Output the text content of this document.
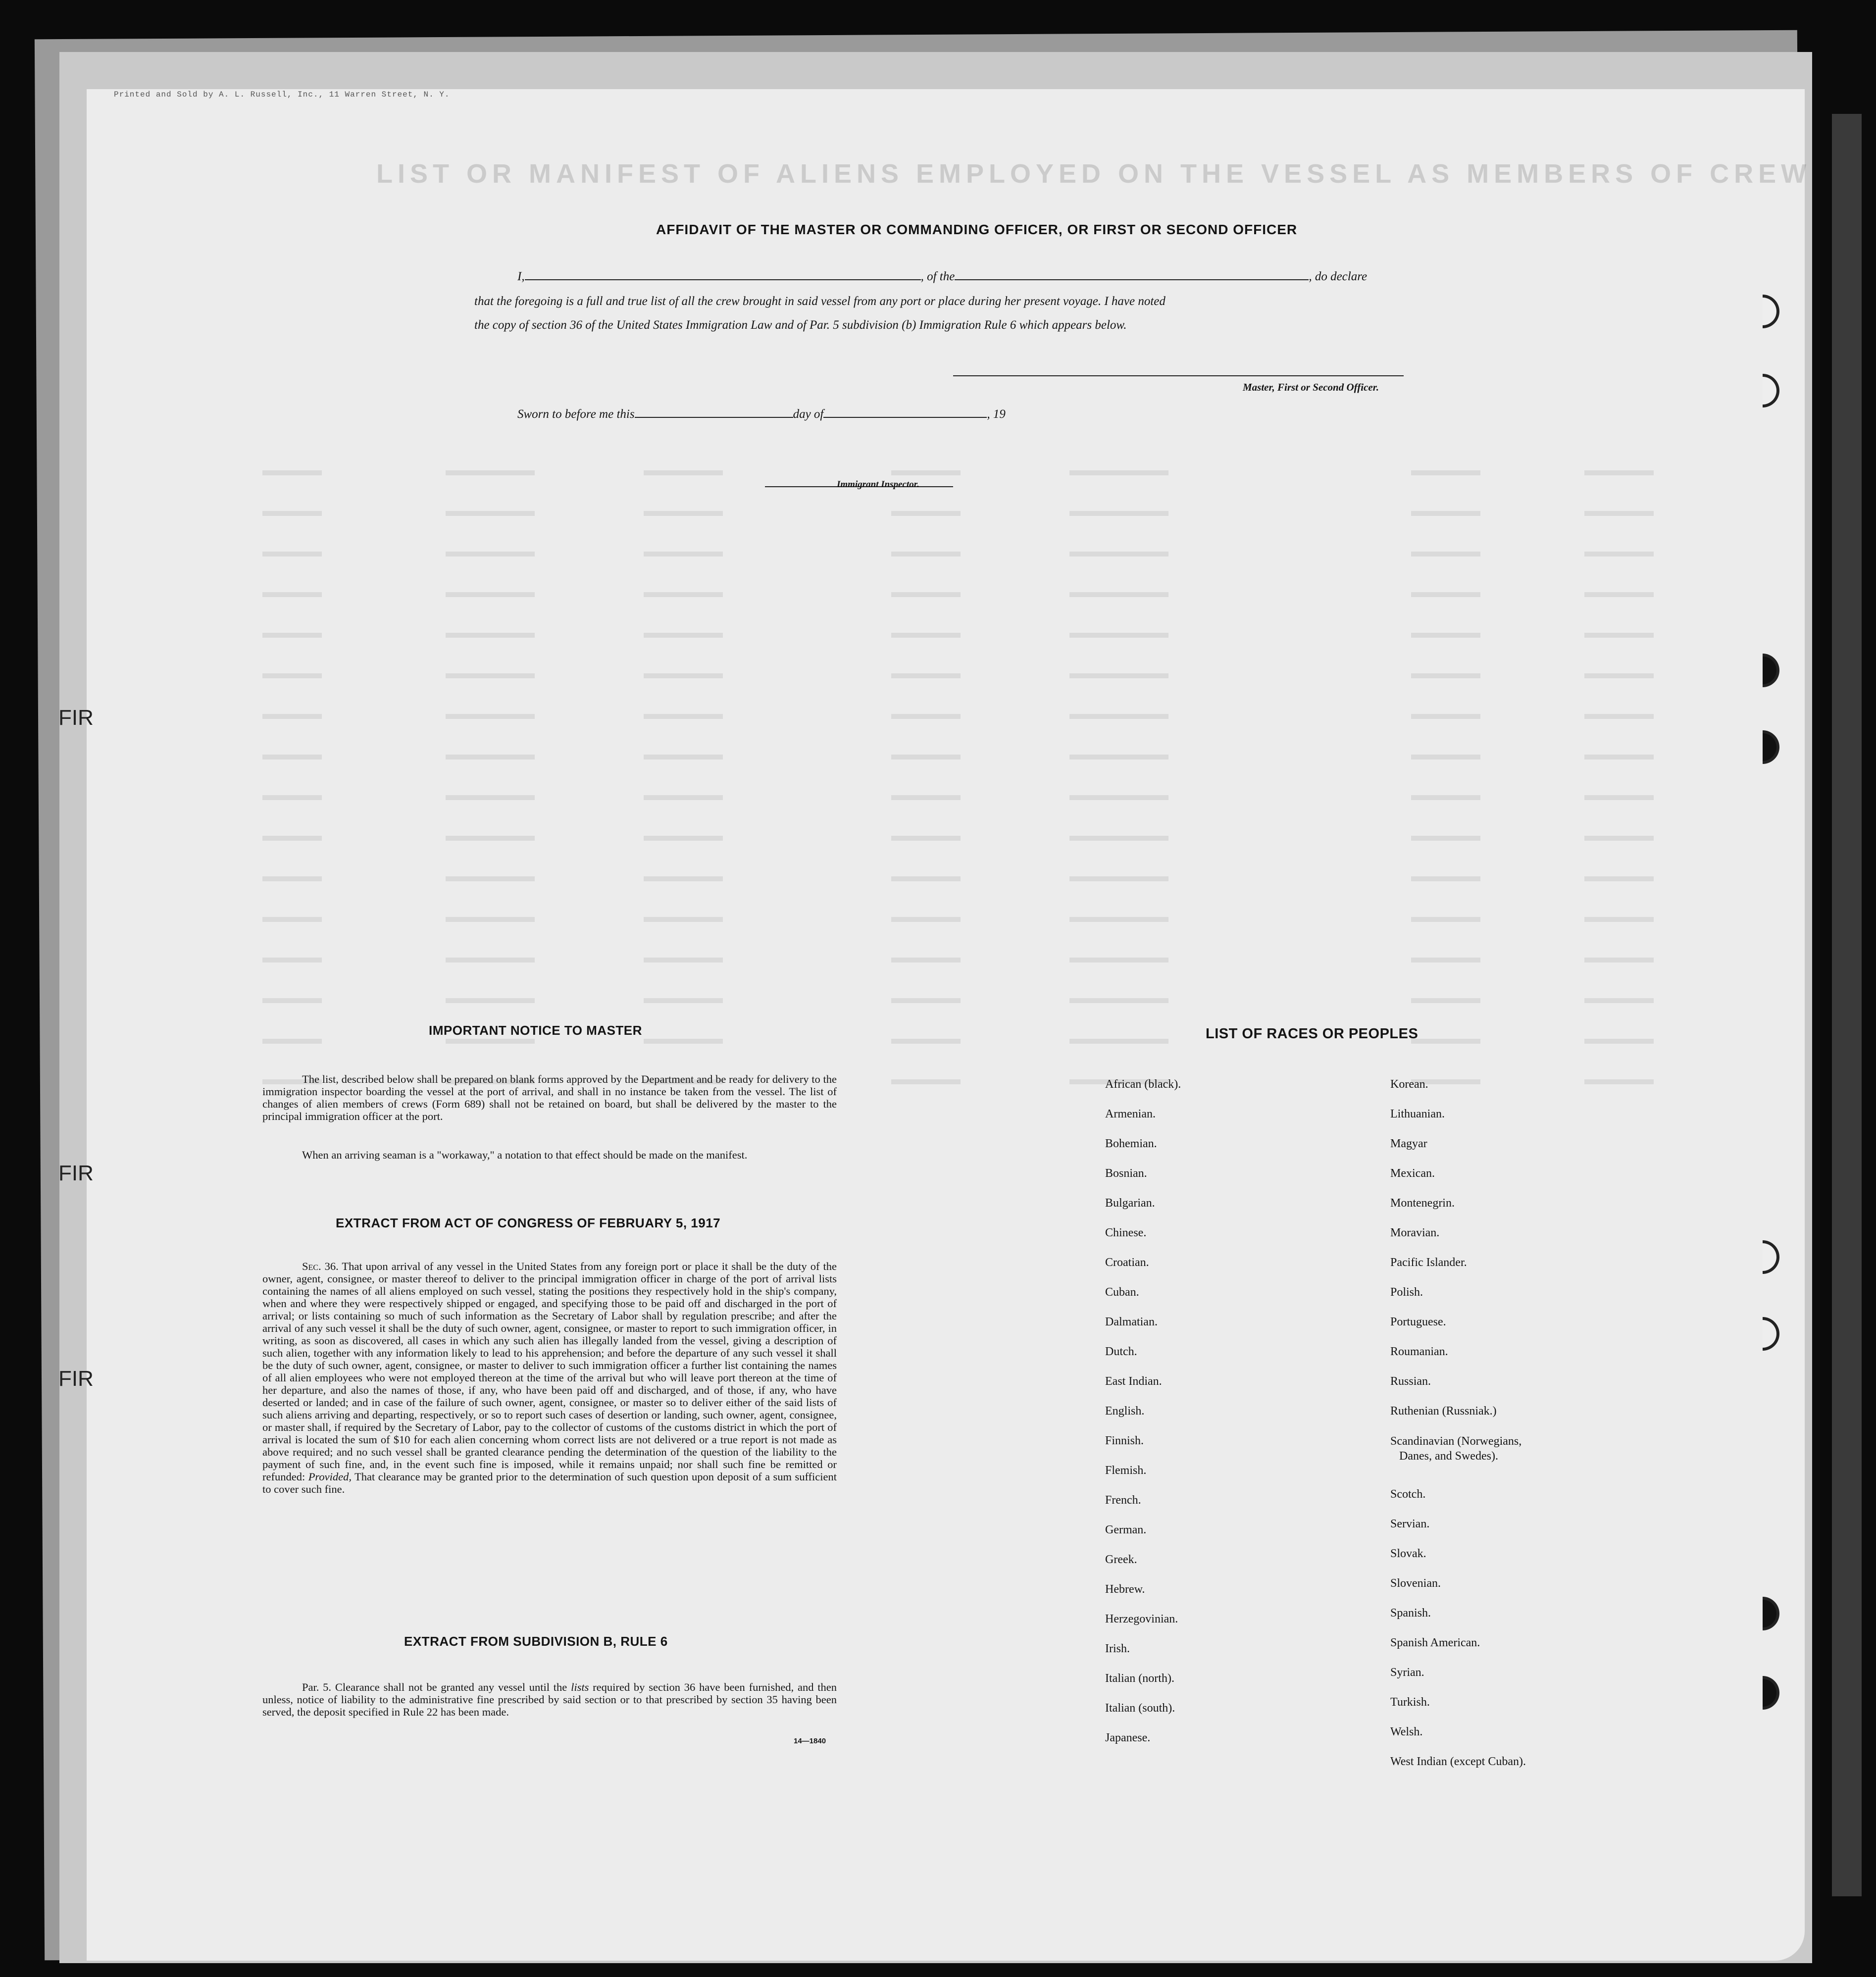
Printed and Sold by A. L. Russell, Inc., 11 Warren Street, N. Y.
LIST OR MANIFEST OF ALIENS EMPLOYED ON THE VESSEL AS MEMBERS OF CREW
FIR
FIR
FIR
AFFIDAVIT OF THE MASTER OR COMMANDING OFFICER, OR FIRST OR SECOND OFFICER
I,	, of the	, do declare
that the foregoing is a full and true list of all the crew brought in said vessel from any port or place during her present voyage. I have noted
the copy of section 36 of the United States Immigration Law and of Par. 5 subdivision (b) Immigration Rule 6 which appears below.
Master, First or Second Officer.
Sworn to before me this	day of	, 19
Immigrant Inspector.
IMPORTANT NOTICE TO MASTER
The list, described below shall be prepared on blank forms approved by the Department and be ready for delivery to the immigration inspector boarding the vessel at the port of arrival, and shall in no instance be taken from the vessel. The list of changes of alien members of crews (Form 689) shall not be retained on board, but shall be delivered by the master to the principal immigration officer at the port.
When an arriving seaman is a "workaway," a notation to that effect should be made on the manifest.
EXTRACT FROM ACT OF CONGRESS OF FEBRUARY 5, 1917
Sec. 36. That upon arrival of any vessel in the United States from any foreign port or place it shall be the duty of the owner, agent, consignee, or master thereof to deliver to the principal immigration officer in charge of the port of arrival lists containing the names of all aliens employed on such vessel, stating the positions they respectively hold in the ship's company, when and where they were respectively shipped or engaged, and specifying those to be paid off and discharged in the port of arrival; or lists containing so much of such information as the Secretary of Labor shall by regulation prescribe; and after the arrival of any such vessel it shall be the duty of such owner, agent, consignee, or master to report to such immigration officer, in writing, as soon as discovered, all cases in which any such alien has illegally landed from the vessel, giving a description of such alien, together with any information likely to lead to his apprehension; and before the departure of any such vessel it shall be the duty of such owner, agent, consignee, or master to deliver to such immigration officer a further list containing the names of all alien employees who were not employed thereon at the time of the arrival but who will leave port thereon at the time of her departure, and also the names of those, if any, who have been paid off and discharged, and of those, if any, who have deserted or landed; and in case of the failure of such owner, agent, consignee, or master so to deliver either of the said lists of such aliens arriving and departing, respectively, or so to report such cases of desertion or landing, such owner, agent, consignee, or master shall, if required by the Secretary of Labor, pay to the collector of customs of the customs district in which the port of arrival is located the sum of $10 for each alien concerning whom correct lists are not delivered or a true report is not made as above required; and no such vessel shall be granted clearance pending the determination of the question of the liability to the payment of such fine, and, in the event such fine is imposed, while it remains unpaid; nor shall such fine be remitted or refunded: Provided, That clearance may be granted prior to the determination of such question upon deposit of a sum sufficient to cover such fine.
EXTRACT FROM SUBDIVISION B, RULE 6
Par. 5. Clearance shall not be granted any vessel until the lists required by section 36 have been furnished, and then unless, notice of liability to the administrative fine prescribed by said section or to that prescribed by section 35 having been served, the deposit specified in Rule 22 has been made.
14—1840
LIST OF RACES OR PEOPLES
African (black).
Armenian.
Bohemian.
Bosnian.
Bulgarian.
Chinese.
Croatian.
Cuban.
Dalmatian.
Dutch.
East Indian.
English.
Finnish.
Flemish.
French.
German.
Greek.
Hebrew.
Herzegovinian.
Irish.
Italian (north).
Italian (south).
Japanese.
Korean.
Lithuanian.
Magyar
Mexican.
Montenegrin.
Moravian.
Pacific Islander.
Polish.
Portuguese.
Roumanian.
Russian.
Ruthenian (Russniak.)
Scandinavian (Norwegians,
Danes, and Swedes).
Scotch.
Servian.
Slovak.
Slovenian.
Spanish.
Spanish American.
Syrian.
Turkish.
Welsh.
West Indian (except Cuban).
